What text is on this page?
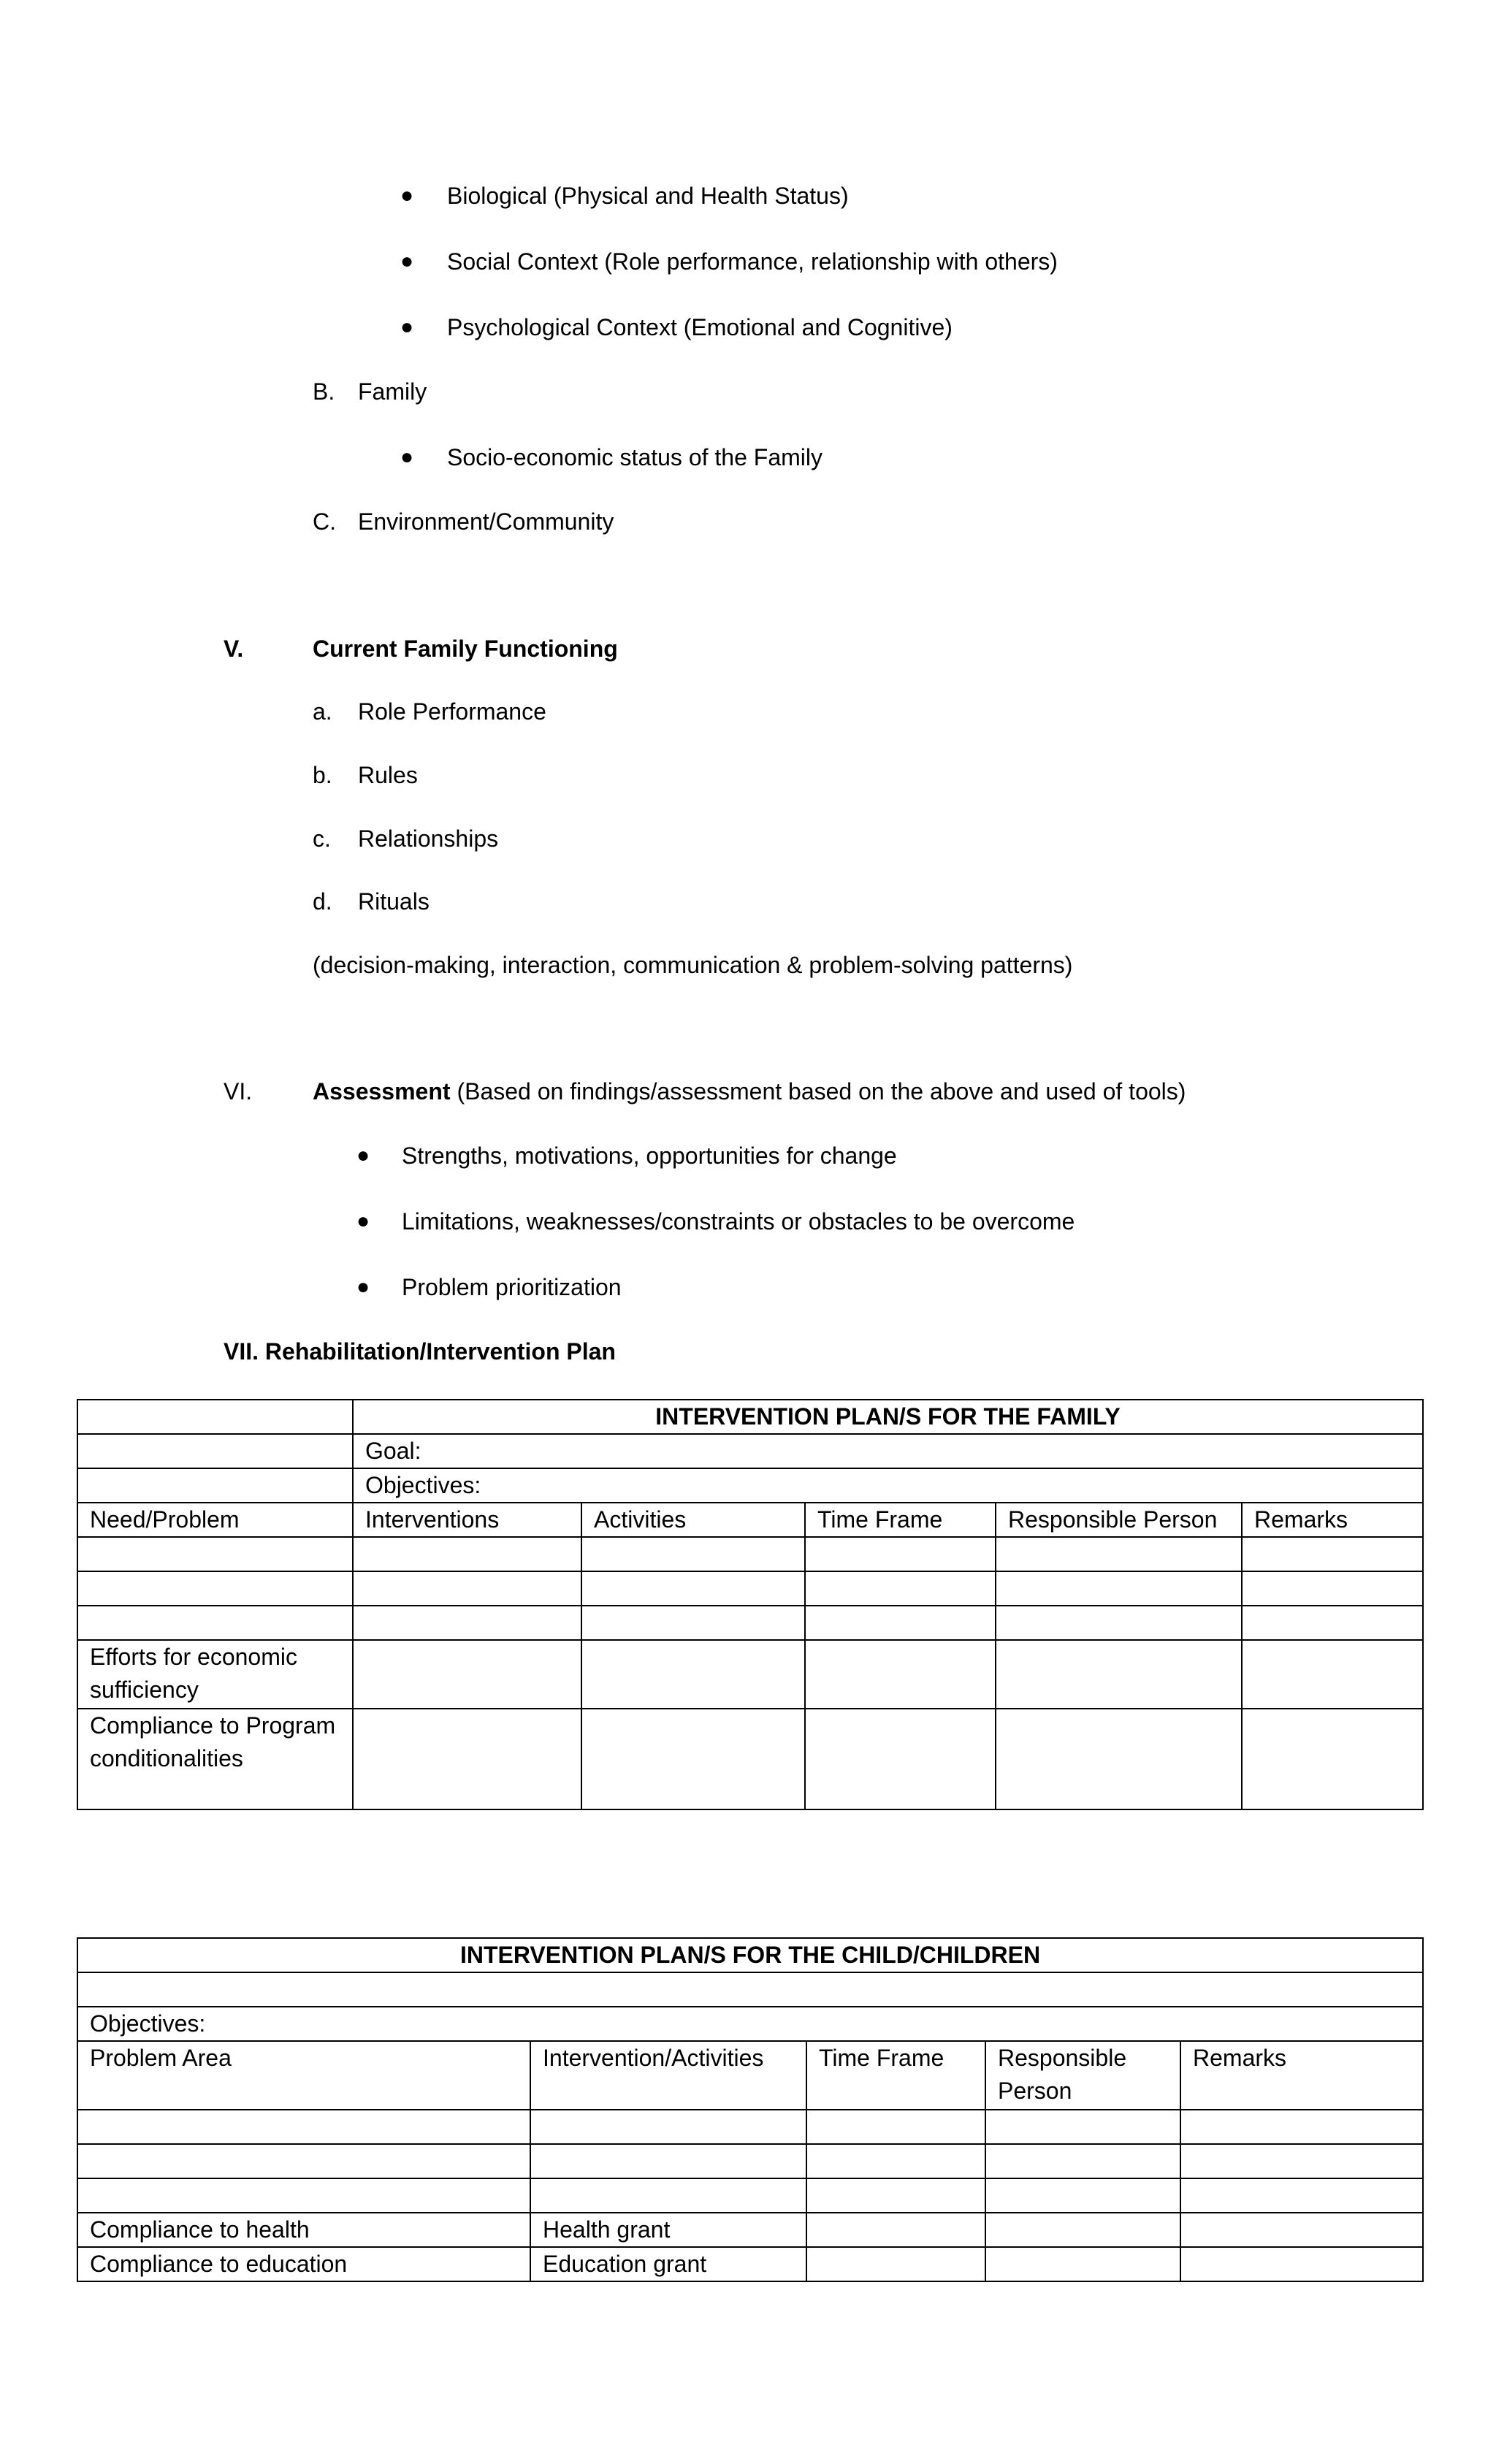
● Biological (Physical and Health Status)
● Social Context (Role performance, relationship with others)
● Psychological Context (Emotional and Cognitive)
B. Family
● Socio-economic status of the Family
C. Environment/Community
V.	Current Family Functioning
a. Role Performance
b. Rules
c. Relationships
d. Rituals
(decision-making, interaction, communication & problem-solving patterns)
VI.	Assessment (Based on findings/assessment based on the above and used of tools)
● Strengths, motivations, opportunities for change
● Limitations, weaknesses/constraints or obstacles to be overcome
● Problem prioritization
VII. Rehabilitation/Intervention Plan
	INTERVENTION PLAN/S FOR THE FAMILY				
	Goal:				
	Objectives:				
Need/Problem	Interventions	Activities	Time Frame	Responsible Person	Remarks

Efforts for economic sufficiency					
Compliance to Program conditionalities					
INTERVENTION PLAN/S FOR THE CHILD/CHILDREN				

Objectives:				
Problem Area	Intervention/Activities	Time Frame	Responsible Person	Remarks

Compliance to health	Health grant			
Compliance to education	Education grant			
